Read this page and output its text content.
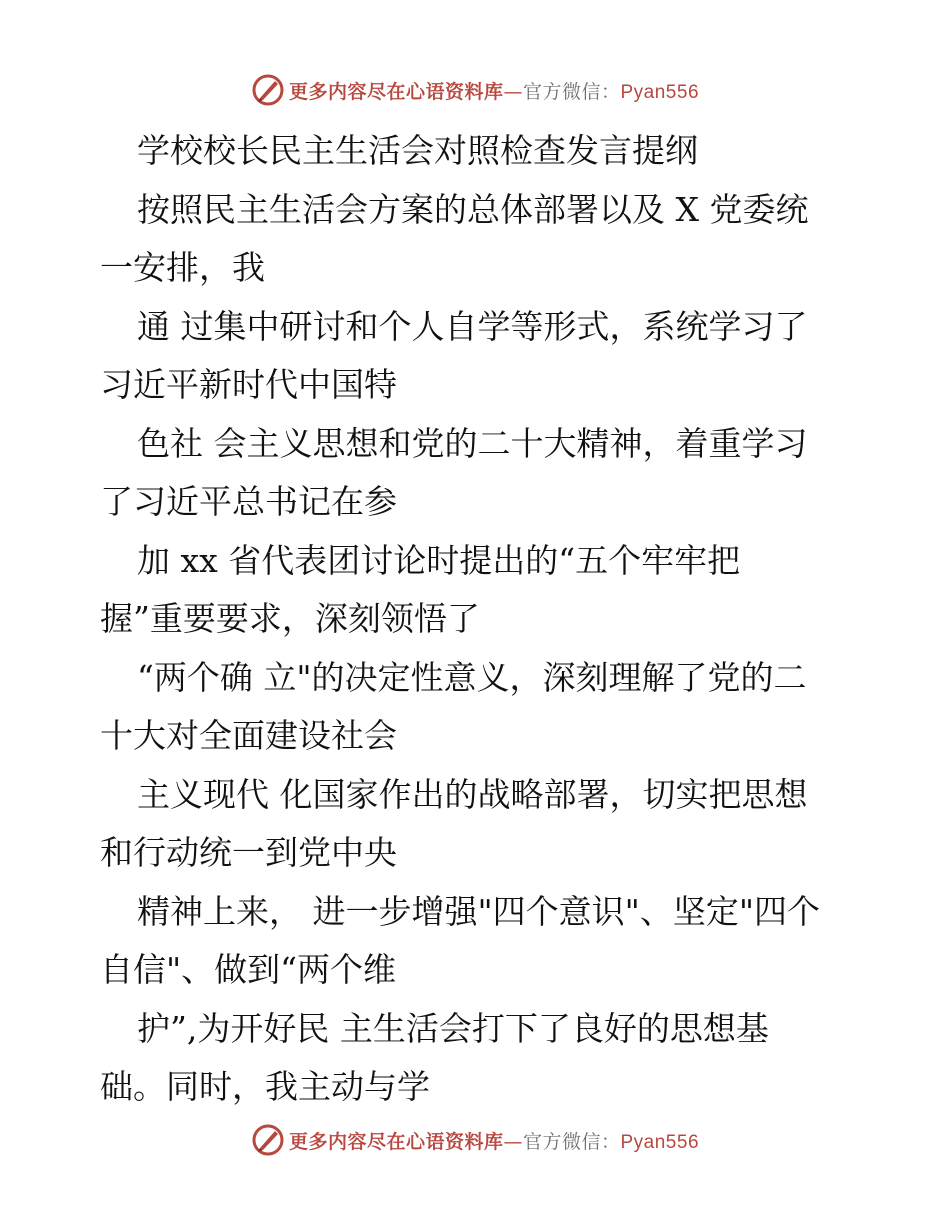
更多内容尽在心语资料库—官方微信：Pyan556
学校校长民主生活会对照检查发言提纲
按照民主生活会方案的总体部署以及 X 党委统
一安排，我
通 过集中研讨和个人自学等形式，系统学习了
习近平新时代中国特
色社 会主义思想和党的二十大精神，着重学习
了习近平总书记在参
加 xx 省代表团讨论时提出的“五个牢牢把
握”重要要求，深刻领悟了
“两个确 立"的决定性意义，深刻理解了党的二
十大对全面建设社会
主义现代 化国家作出的战略部署，切实把思想
和行动统一到党中央
精神上来， 进一步增强"四个意识"、坚定"四个
自信"、做到“两个维
护”,为开好民 主生活会打下了良好的思想基
础。同时，我主动与学
更多内容尽在心语资料库—官方微信：Pyan556
